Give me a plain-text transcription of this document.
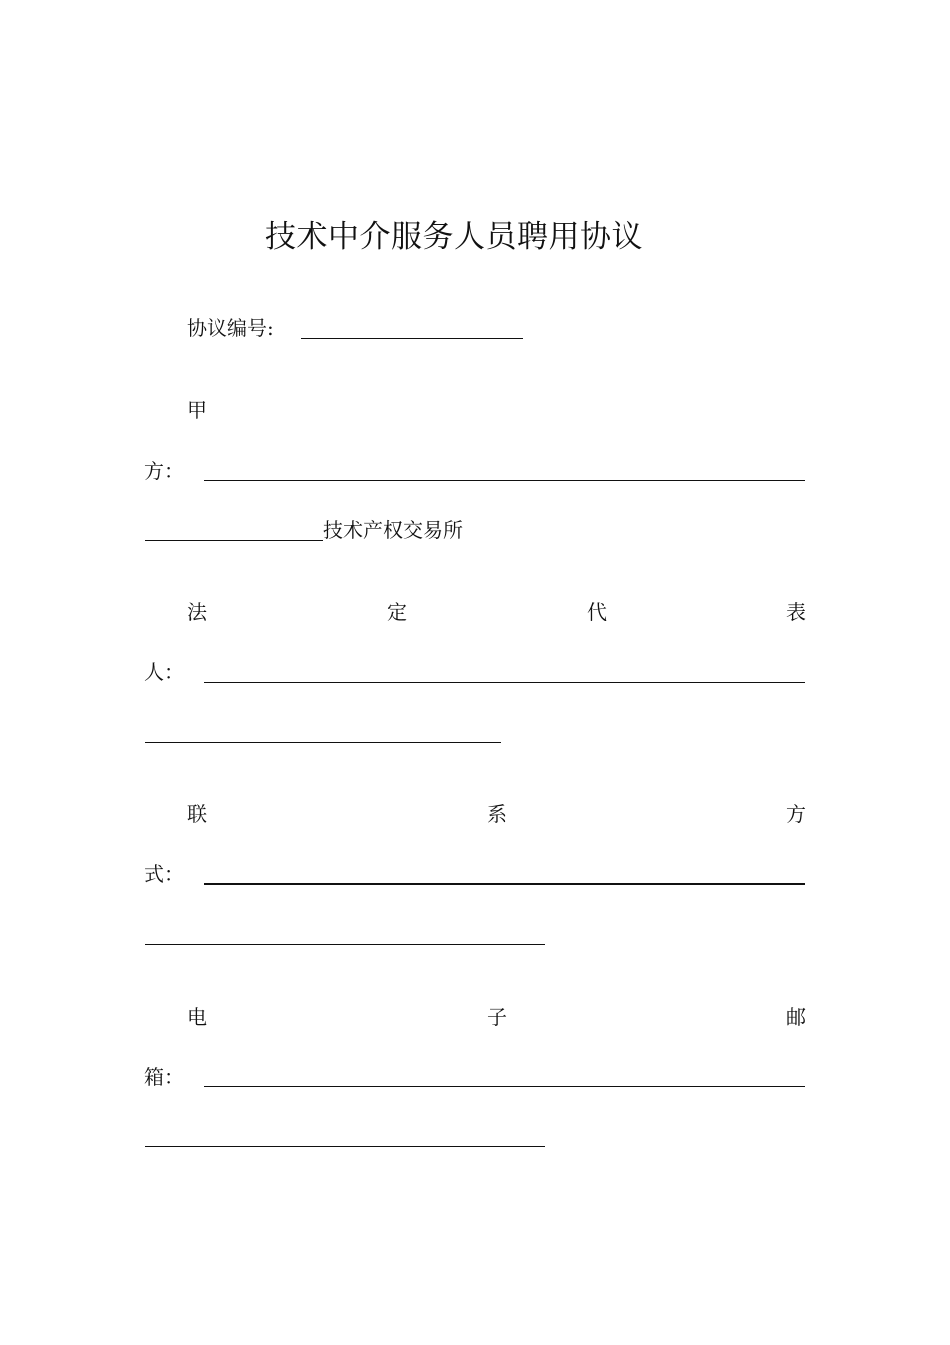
技术中介服务人员聘用协议
协议编号:
甲
方：
技术产权交易所
法	定	代	表
人：
联	系	方
式：
电	子	邮
箱：
